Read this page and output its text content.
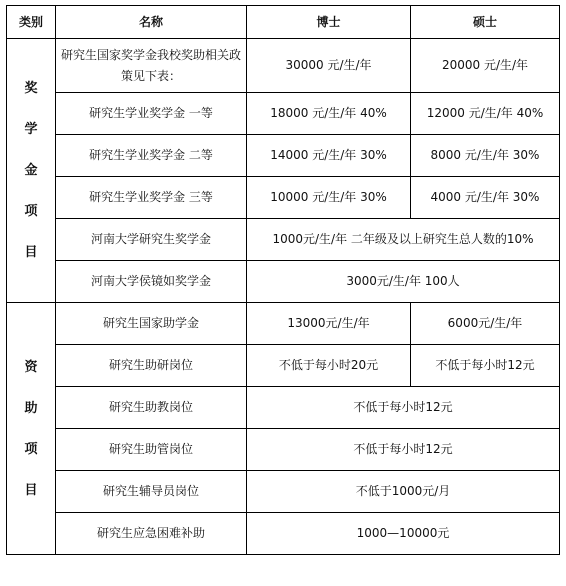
类别	名称	博士	硕士

奖
学
金
项
目	研究生国家奖学金我校奖助相关政策见下表：	30000 元/生/年	20000 元/生/年
	研究生学业奖学金 一等	18000 元/生/年 40%	12000 元/生/年 40%
	研究生学业奖学金 二等	14000 元/生/年 30%	8000 元/生/年 30%
	研究生学业奖学金 三等	10000 元/生/年 30%	4000 元/生/年 30%
	河南大学研究生奖学金	1000元/生/年 二年级及以上研究生总人数的10%	
	河南大学侯镜如奖学金	3000元/生/年 100人	

资
助
项
目	研究生国家助学金	13000元/生/年	6000元/生/年
	研究生助研岗位	不低于每小时20元	不低于每小时12元
	研究生助教岗位	不低于每小时12元	
	研究生助管岗位	不低于每小时12元	
	研究生辅导员岗位	不低于1000元/月	
	研究生应急困难补助	1000—10000元	
